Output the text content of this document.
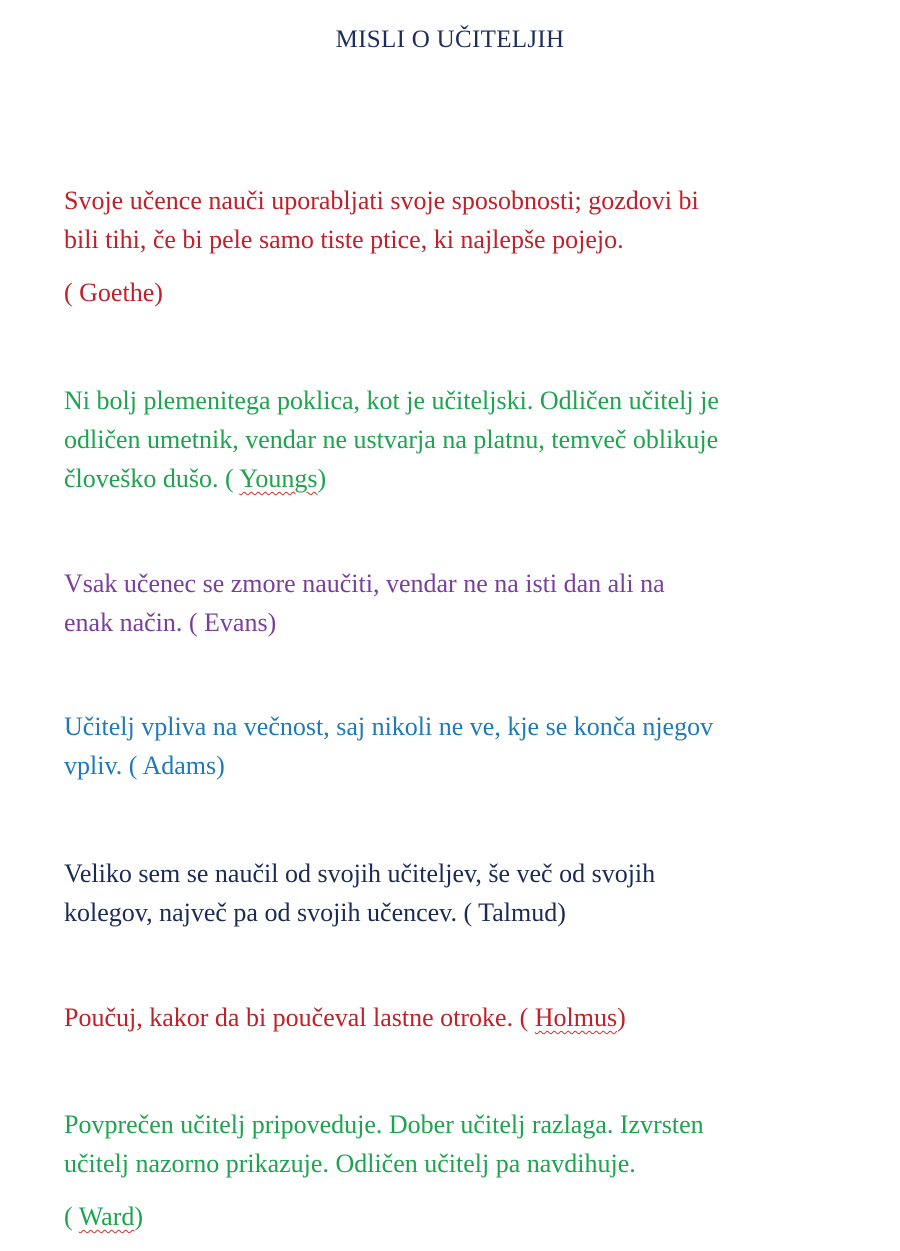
MISLI O UČITELJIH
Svoje učence nauči uporabljati svoje sposobnosti; gozdovi bi
bili tihi, če bi pele samo tiste ptice, ki najlepše pojejo.
( Goethe)
Ni bolj plemenitega poklica, kot je učiteljski. Odličen učitelj je
odličen umetnik, vendar ne ustvarja na platnu, temveč oblikuje
človeško dušo. ( Youngs)
Vsak učenec se zmore naučiti, vendar ne na isti dan ali na
enak način. ( Evans)
Učitelj vpliva na večnost, saj nikoli ne ve, kje se konča njegov
vpliv. ( Adams)
Veliko sem se naučil od svojih učiteljev, še več od svojih
kolegov, največ pa od svojih učencev. ( Talmud)
Poučuj, kakor da bi poučeval lastne otroke. ( Holmus)
Povprečen učitelj pripoveduje. Dober učitelj razlaga. Izvrsten
učitelj nazorno prikazuje. Odličen učitelj pa navdihuje.
( Ward)
